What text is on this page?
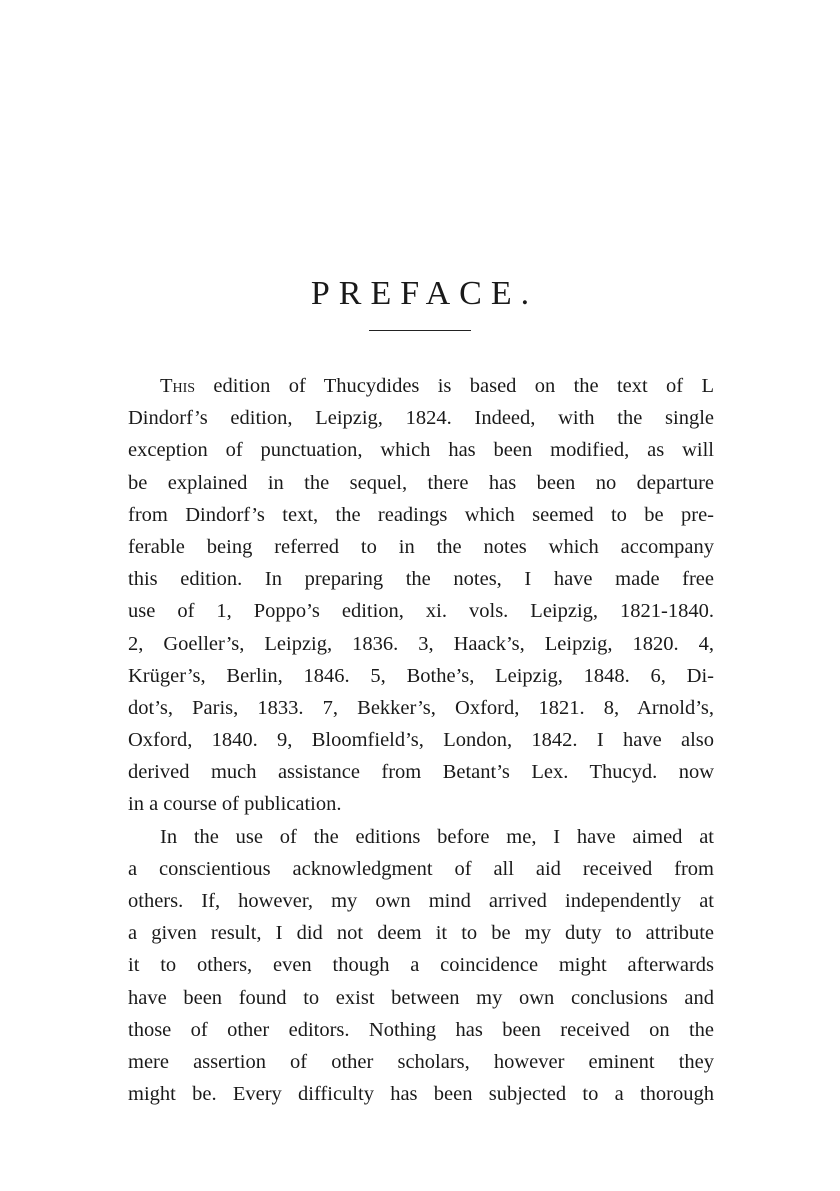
PREFACE.
This edition of Thucydides is based on the text of L
Dindorf’s edition, Leipzig, 1824. Indeed, with the single
exception of punctuation, which has been modified, as will
be explained in the sequel, there has been no departure
from Dindorf’s text, the readings which seemed to be pre-
ferable being referred to in the notes which accompany
this edition. In preparing the notes, I have made free
use of 1, Poppo’s edition, xi. vols. Leipzig, 1821-1840.
2, Goeller’s, Leipzig, 1836. 3, Haack’s, Leipzig, 1820. 4,
Krüger’s, Berlin, 1846. 5, Bothe’s, Leipzig, 1848. 6, Di-
dot’s, Paris, 1833. 7, Bekker’s, Oxford, 1821. 8, Arnold’s,
Oxford, 1840. 9, Bloomfield’s, London, 1842. I have also
derived much assistance from Betant’s Lex. Thucyd. now
in a course of publication.
In the use of the editions before me, I have aimed at
a conscientious acknowledgment of all aid received from
others. If, however, my own mind arrived independently at
a given result, I did not deem it to be my duty to attribute
it to others, even though a coincidence might afterwards
have been found to exist between my own conclusions and
those of other editors. Nothing has been received on the
mere assertion of other scholars, however eminent they
might be. Every difficulty has been subjected to a thorough
